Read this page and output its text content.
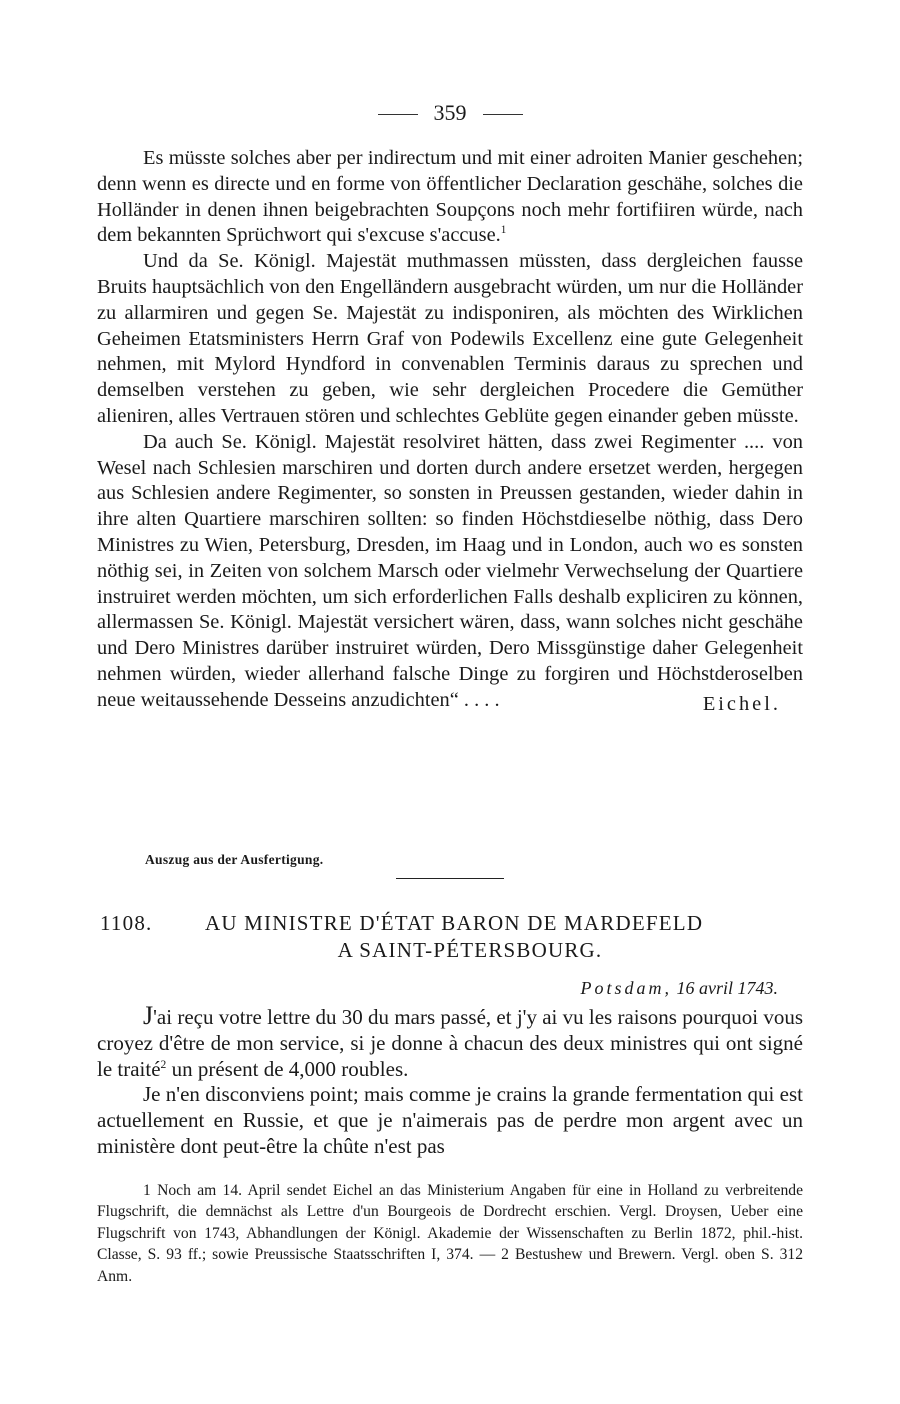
359

Es müsste solches aber per indirectum und mit einer adroiten Manier geschehen; denn wenn es directe und en forme von öffentlicher Declaration geschähe, solches die Holländer in denen ihnen beigebrachten Soupçons noch mehr fortifiiren würde, nach dem bekannten Sprüchwort qui s'excuse s'accuse.$^1$

Und da Se. Königl. Majestät muthmassen müssten, dass dergleichen fausse Bruits hauptsächlich von den Engelländern ausgebracht würden, um nur die Holländer zu allarmiren und gegen Se. Majestät zu indisponiren, als möchten des Wirklichen Geheimen Etatsministers Herrn Graf von Podewils Excellenz eine gute Gelegenheit nehmen, mit Mylord Hyndford in convenablen Terminis daraus zu sprechen und demselben verstehen zu geben, wie sehr dergleichen Procedere die Gemüther alieniren, alles Vertrauen stören und schlechtes Geblüte gegen einander geben müsste.

Da auch Se. Königl. Majestät resolviret hätten, dass zwei Regimenter .... von Wesel nach Schlesien marschiren und dorten durch andere ersetzet werden, hergegen aus Schlesien andere Regimenter, so sonsten in Preussen gestanden, wieder dahin in ihre alten Quartiere marschiren sollten: so finden Höchstdieselbe nöthig, dass Dero Ministres zu Wien, Petersburg, Dresden, im Haag und in London, auch wo es sonsten nöthig sei, in Zeiten von solchem Marsch oder vielmehr Verwechselung der Quartiere instruiret werden möchten, um sich erforderlichen Falls deshalb expliciren zu können, allermassen Se. Königl. Majestät versichert wären, dass, wann solches nicht geschähe und Dero Ministres darüber instruiret würden, Dero Missgünstige daher Gelegenheit nehmen würden, wieder allerhand falsche Dinge zu forgiren und Höchstderoselben neue weitaussehende Desseins anzudichten“ . . . .	Eichel.

Auszug aus der Ausfertigung.
1108.	AU MINISTRE D'ÉTAT BARON DE MARDEFELD
A SAINT-PÉTERSBOURG.
Potsdam, 16 avril 1743.

J'ai reçu votre lettre du 30 du mars passé, et j'y ai vu les raisons pourquoi vous croyez d'être de mon service, si je donne à chacun des deux ministres qui ont signé le traité$^2$ un présent de 4,000 roubles.

Je n'en disconviens point; mais comme je crains la grande fermentation qui est actuellement en Russie, et que je n'aimerais pas de perdre mon argent avec un ministère dont peut-être la chûte n'est pas

1 Noch am 14. April sendet Eichel an das Ministerium Angaben für eine in Holland zu verbreitende Flugschrift, die demnächst als Lettre d'un Bourgeois de Dordrecht erschien. Vergl. Droysen, Ueber eine Flugschrift von 1743, Abhandlungen der Königl. Akademie der Wissenschaften zu Berlin 1872, phil.-hist. Classe, S. 93 ff.; sowie Preussische Staatsschriften I, 374. — 2 Bestushew und Brewern. Vergl. oben S. 312 Anm.
